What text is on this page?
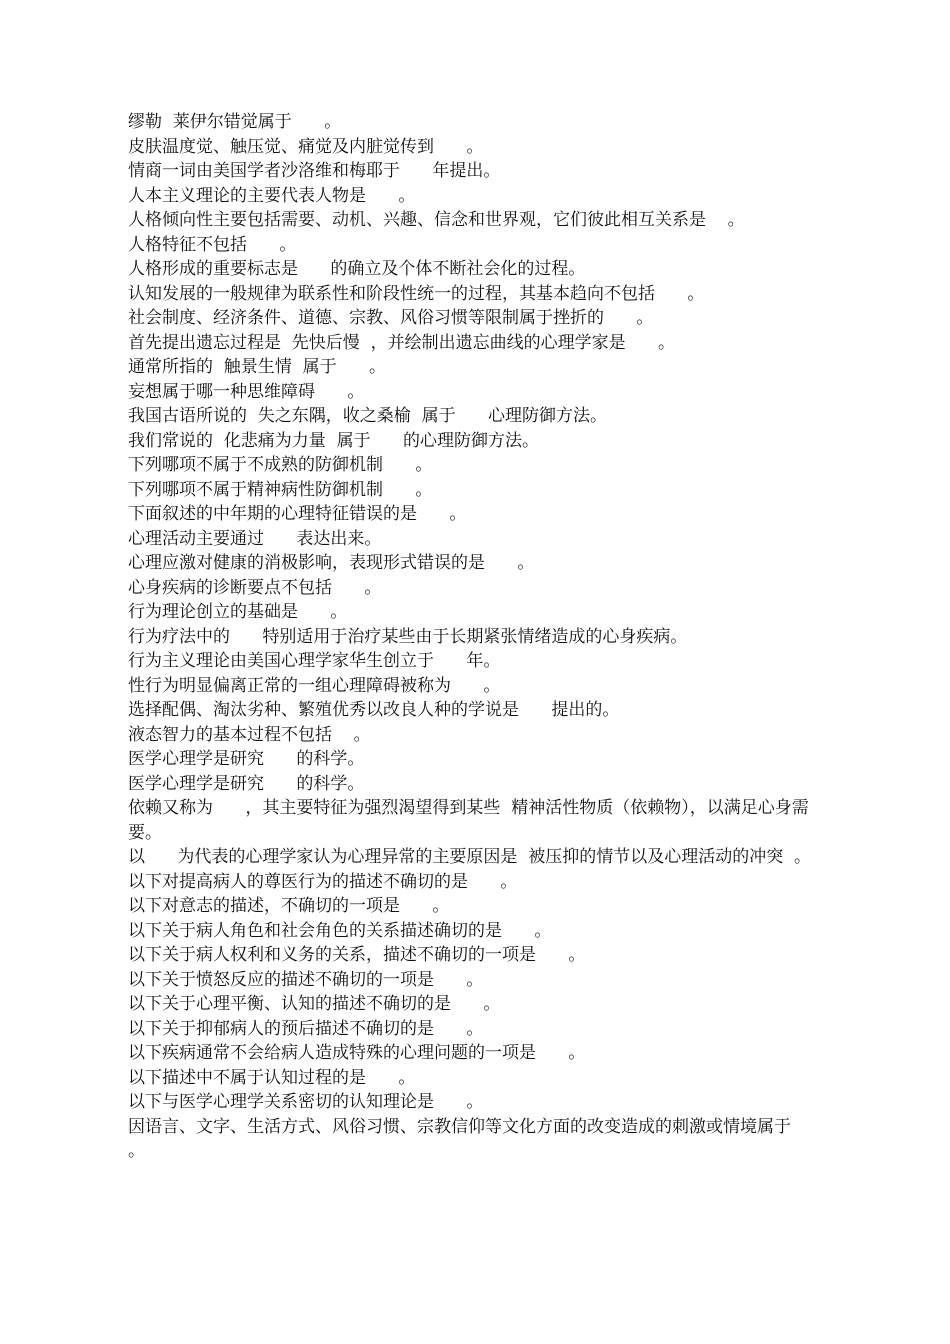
缪勒  莱伊尔错觉属于      。

皮肤温度觉、触压觉、痛觉及内脏觉传到      。

情商一词由美国学者沙洛维和梅耶于      年提出。

人本主义理论的主要代表人物是      。

人格倾向性主要包括需要、动机、兴趣、信念和世界观，它们彼此相互关系是    。

人格特征不包括      。

人格形成的重要标志是      的确立及个体不断社会化的过程。

认知发展的一般规律为联系性和阶段性统一的过程，其基本趋向不包括      。

社会制度、经济条件、道德、宗教、风俗习惯等限制属于挫折的      。

首先提出遗忘过程是  先快后慢  ，并绘制出遗忘曲线的心理学家是      。

通常所指的  触景生情  属于      。

妄想属于哪一种思维障碍      。

我国古语所说的  失之东隅，收之桑榆  属于      心理防御方法。

我们常说的  化悲痛为力量  属于      的心理防御方法。

下列哪项不属于不成熟的防御机制      。

下列哪项不属于精神病性防御机制      。

下面叙述的中年期的心理特征错误的是      。

心理活动主要通过      表达出来。

心理应激对健康的消极影响，表现形式错误的是      。

心身疾病的诊断要点不包括      。

行为理论创立的基础是      。

行为疗法中的      特别适用于治疗某些由于长期紧张情绪造成的心身疾病。

行为主义理论由美国心理学家华生创立于      年。

性行为明显偏离正常的一组心理障碍被称为      。

选择配偶、淘汰劣种、繁殖优秀以改良人种的学说是      提出的。

液态智力的基本过程不包括    。

医学心理学是研究      的科学。

医学心理学是研究      的科学。

依赖又称为      ，其主要特征为强烈渴望得到某些  精神活性物质（依赖物），以满足心身需要。

以      为代表的心理学家认为心理异常的主要原因是  被压抑的情节以及心理活动的冲突  。

以下对提高病人的尊医行为的描述不确切的是      。

以下对意志的描述，不确切的一项是      。

以下关于病人角色和社会角色的关系描述确切的是      。

以下关于病人权利和义务的关系，描述不确切的一项是      。

以下关于愤怒反应的描述不确切的一项是      。

以下关于心理平衡、认知的描述不确切的是      。

以下关于抑郁病人的预后描述不确切的是      。

以下疾病通常不会给病人造成特殊的心理问题的一项是      。

以下描述中不属于认知过程的是      。

以下与医学心理学关系密切的认知理论是      。

因语言、文字、生活方式、风俗习惯、宗教信仰等文化方面的改变造成的刺激或情境属于      。
